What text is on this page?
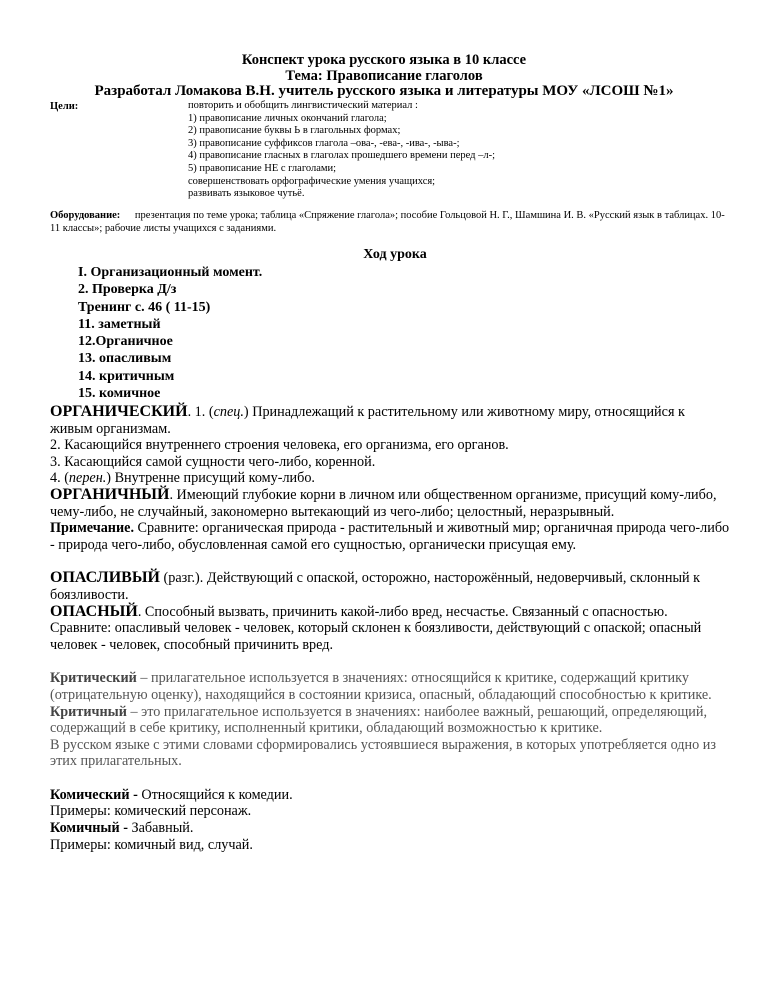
Конспект урока русского языка в 10 классе
Тема: Правописание глаголов
Разработал Ломакова В.Н. учитель русского языка и литературы МОУ «ЛСОШ №1»
Цели:	повторить и обобщить лингвистический материал :
1) правописание личных окончаний глагола;
2) правописание буквы Ь в глагольных формах;
3) правописание суффиксов глагола –ова-, -ева-, -ива-, -ыва-;
4) правописание гласных в глаголах прошедшего времени перед –л-;
5) правописание НЕ с глаголами;
совершенствовать орфографические умения учащихся;
развивать языковое чутьё.
Оборудование: презентация по теме урока; таблица «Спряжение глагола»; пособие Гольцовой Н. Г., Шамшина И. В. «Русский язык в таблицах. 10-11 классы»; рабочие листы учащихся с заданиями.
Ход урока
I. Организационный момент.
2. Проверка Д/з
Тренинг с. 46 ( 11-15)
11. заметный
12.Органичное
13. опасливым
14. критичным
15. комичное

ОРГАНИЧЕСКИЙ. 1. (спец.) Принадлежащий к растительному или животному миру, относящийся к живым организмам.

2. Касающийся внутреннего строения человека, его организма, его органов.

3. Касающийся самой сущности чего-либо, коренной.

4. (перен.) Внутренне присущий кому-либо.

ОРГАНИЧНЫЙ. Имеющий глубокие корни в личном или общественном организме, присущий кому-либо, чему-либо, не случайный, закономерно вытекающий из чего-либо; целостный, неразрывный.

Примечание. Сравните: органическая природа - растительный и животный мир; органичная природа чего-либо - природа чего-либо, обусловленная самой его сущностью, органически присущая ему.

ОПАСЛИВЫЙ (разг.). Действующий с опаской, осторожно, насторожённый, недоверчивый, склонный к боязливости.

ОПАСНЫЙ. Способный вызвать, причинить какой-либо вред, несчастье. Связанный с опасностью.

Сравните: опасливый человек - человек, который склонен к боязливости, действующий с опаской; опасный человек - человек, способный причинить вред.

Критический – прилагательное используется в значениях: относящийся к критике, содержащий критику (отрицательную оценку), находящийся в состоянии кризиса, опасный, обладающий способностью к критике.

Критичный – это прилагательное используется в значениях: наиболее важный, решающий, определяющий, содержащий в себе критику, исполненный критики, обладающий возможностью к критике.

В русском языке с этими словами сформировались устоявшиеся выражения, в которых употребляется одно из этих прилагательных.

Комический - Относящийся к комедии.

Примеры: комический персонаж.

Комичный - Забавный.

Примеры: комичный вид, случай.
